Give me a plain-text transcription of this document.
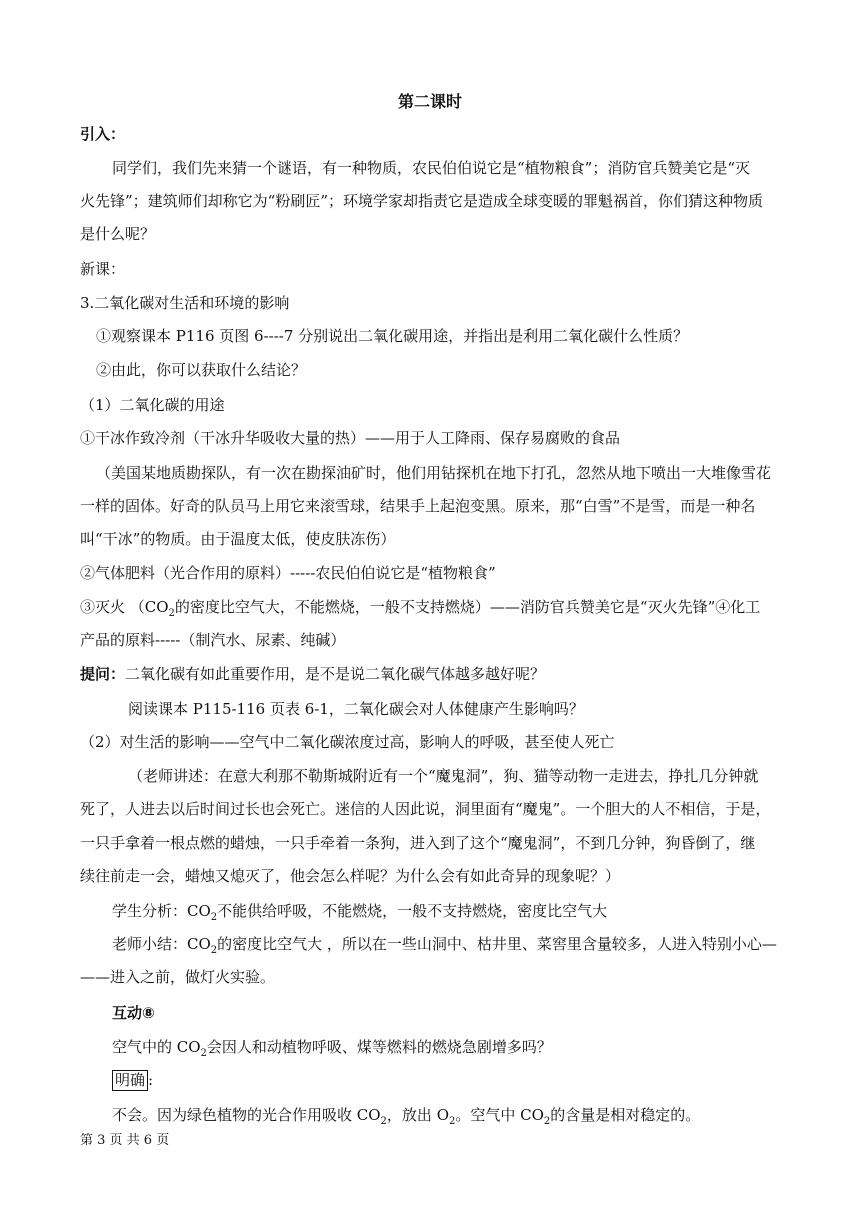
第二课时
引入：
同学们，我们先来猜一个谜语，有一种物质，农民伯伯说它是“植物粮食”；消防官兵赞美它是“灭
火先锋”；建筑师们却称它为“粉刷匠”；环境学家却指责它是造成全球变暖的罪魁祸首，你们猜这种物质
是什么呢？
新课：
3.二氧化碳对生活和环境的影响
①观察课本 P116 页图 6----7 分别说出二氧化碳用途，并指出是利用二氧化碳什么性质？
②由此，你可以获取什么结论？
（1）二氧化碳的用途
①干冰作致冷剂（干冰升华吸收大量的热）——用于人工降雨、保存易腐败的食品
（美国某地质勘探队，有一次在勘探油矿时，他们用钻探机在地下打孔，忽然从地下喷出一大堆像雪花
一样的固体。好奇的队员马上用它来滚雪球，结果手上起泡变黑。原来，那“白雪”不是雪，而是一种名
叫“干冰”的物质。由于温度太低，使皮肤冻伤）
②气体肥料（光合作用的原料）-----农民伯伯说它是“植物粮食”
③灭火 （$CO_2$的密度比空气大，不能燃烧，一般不支持燃烧）——消防官兵赞美它是“灭火先锋”④化工
产品的原料-----（制汽水、尿素、纯碱）
提问：二氧化碳有如此重要作用，是不是说二氧化碳气体越多越好呢？
阅读课本 P115-116 页表 6-1，二氧化碳会对人体健康产生影响吗？
（2）对生活的影响——空气中二氧化碳浓度过高，影响人的呼吸，甚至使人死亡
（老师讲述：在意大利那不勒斯城附近有一个“魔鬼洞”，狗、猫等动物一走进去，挣扎几分钟就
死了，人进去以后时间过长也会死亡。迷信的人因此说，洞里面有“魔鬼”。一个胆大的人不相信，于是，
一只手拿着一根点燃的蜡烛，一只手牵着一条狗，进入到了这个“魔鬼洞”，不到几分钟，狗昏倒了，继
续往前走一会，蜡烛又熄灭了，他会怎么样呢？为什么会有如此奇异的现象呢？）
学生分析：$CO_2$不能供给呼吸，不能燃烧，一般不支持燃烧，密度比空气大
老师小结：$CO_2$的密度比空气大 ，所以在一些山洞中、枯井里、菜窖里含量较多，人进入特别小心—
——进入之前，做灯火实验。
互动⑧
空气中的 $CO_2$会因人和动植物呼吸、煤等燃料的燃烧急剧增多吗？
明确 :
不会。因为绿色植物的光合作用吸收 $CO_2$，放出 $O_2$。空气中 $CO_2$的含量是相对稳定的。
第 3 页 共 6 页
